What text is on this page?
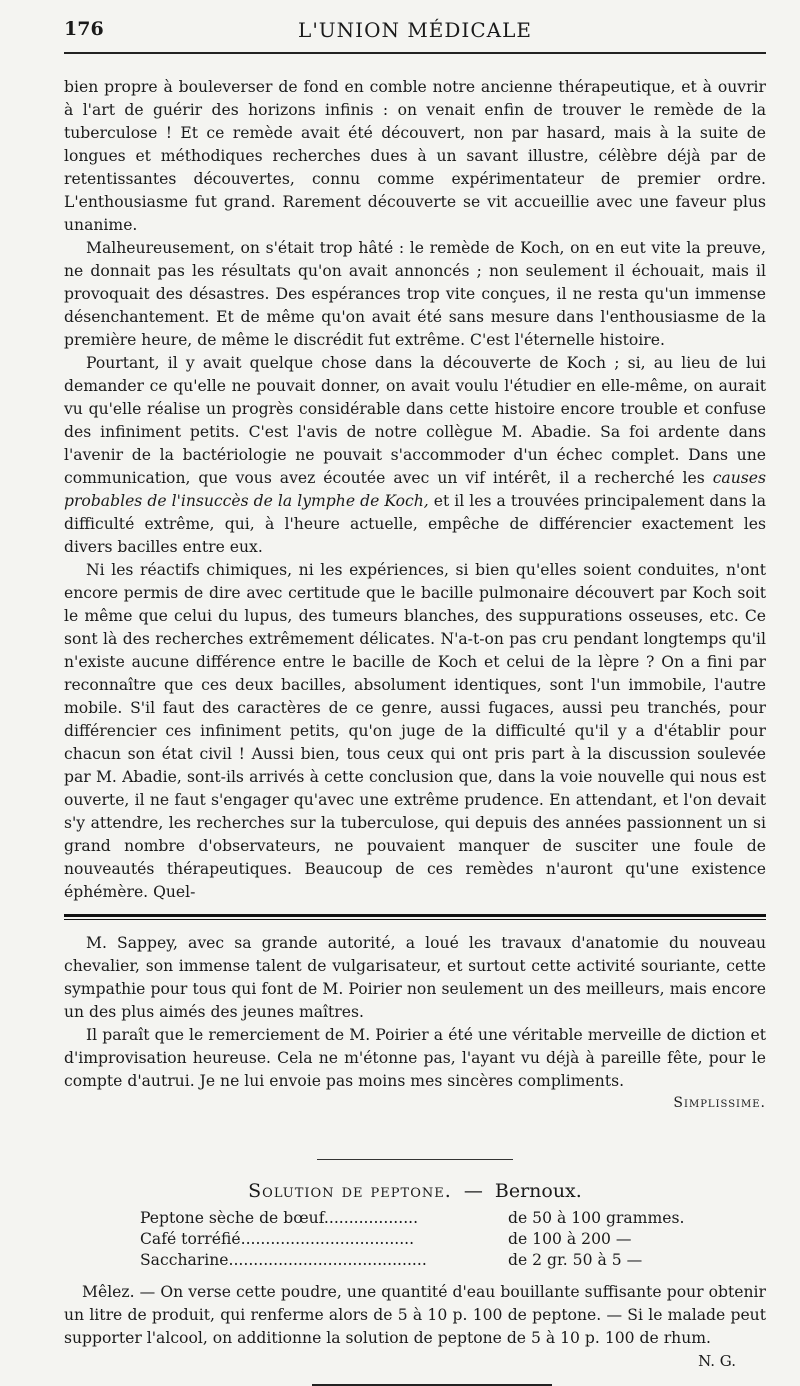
176	L'UNION MÉDICALE

bien propre à bouleverser de fond en comble notre ancienne thérapeutique, et à ouvrir à l'art de guérir des horizons infinis : on venait enfin de trouver le remède de la tuberculose ! Et ce remède avait été découvert, non par hasard, mais à la suite de longues et méthodiques recherches dues à un savant illustre, célèbre déjà par de retentissantes découvertes, connu comme expérimentateur de premier ordre. L'enthousiasme fut grand. Rarement découverte se vit accueillie avec une faveur plus unanime.

Malheureusement, on s'était trop hâté : le remède de Koch, on en eut vite la preuve, ne donnait pas les résultats qu'on avait annoncés ; non seulement il échouait, mais il provoquait des désastres. Des espérances trop vite conçues, il ne resta qu'un immense désenchantement. Et de même qu'on avait été sans mesure dans l'enthousiasme de la première heure, de même le discrédit fut extrême. C'est l'éternelle histoire.

Pourtant, il y avait quelque chose dans la découverte de Koch ; si, au lieu de lui demander ce qu'elle ne pouvait donner, on avait voulu l'étudier en elle-même, on aurait vu qu'elle réalise un progrès considérable dans cette histoire encore trouble et confuse des infiniment petits. C'est l'avis de notre collègue M. Abadie. Sa foi ardente dans l'avenir de la bactériologie ne pouvait s'accommoder d'un échec complet. Dans une communication, que vous avez écoutée avec un vif intérêt, il a recherché les causes probables de l'insuccès de la lymphe de Koch, et il les a trouvées principalement dans la difficulté extrême, qui, à l'heure actuelle, empêche de différencier exactement les divers bacilles entre eux.

Ni les réactifs chimiques, ni les expériences, si bien qu'elles soient conduites, n'ont encore permis de dire avec certitude que le bacille pulmonaire découvert par Koch soit le même que celui du lupus, des tumeurs blanches, des suppurations osseuses, etc. Ce sont là des recherches extrêmement délicates. N'a-t-on pas cru pendant longtemps qu'il n'existe aucune différence entre le bacille de Koch et celui de la lèpre ? On a fini par reconnaître que ces deux bacilles, absolument identiques, sont l'un immobile, l'autre mobile. S'il faut des caractères de ce genre, aussi fugaces, aussi peu tranchés, pour différencier ces infiniment petits, qu'on juge de la difficulté qu'il y a d'établir pour chacun son état civil ! Aussi bien, tous ceux qui ont pris part à la discussion soulevée par M. Abadie, sont-ils arrivés à cette conclusion que, dans la voie nouvelle qui nous est ouverte, il ne faut s'engager qu'avec une extrême prudence. En attendant, et l'on devait s'y attendre, les recherches sur la tuberculose, qui depuis des années passionnent un si grand nombre d'observateurs, ne pouvaient manquer de susciter une foule de nouveautés thérapeutiques. Beaucoup de ces remèdes n'auront qu'une existence éphémère. Quel-

M. Sappey, avec sa grande autorité, a loué les travaux d'anatomie du nouveau chevalier, son immense talent de vulgarisateur, et surtout cette activité souriante, cette sympathie pour tous qui font de M. Poirier non seulement un des meilleurs, mais encore un des plus aimés des jeunes maîtres.

Il paraît que le remerciement de M. Poirier a été une véritable merveille de diction et d'improvisation heureuse. Cela ne m'étonne pas, l'ayant vu déjà à pareille fête, pour le compte d'autrui. Je ne lui envoie pas moins mes sincères compliments.

Simplissime.
Solution de peptone. — Bernoux.
Peptone sèche de bœuf...................	de 50 à 100 grammes.
Café torréfié...................................	de 100 à 200 —
Saccharine........................................	de 2 gr. 50 à 5 —

Mêlez. — On verse cette poudre, une quantité d'eau bouillante suffisante pour obtenir un litre de produit, qui renferme alors de 5 à 10 p. 100 de peptone. — Si le malade peut supporter l'alcool, on additionne la solution de peptone de 5 à 10 p. 100 de rhum.

N. G.
